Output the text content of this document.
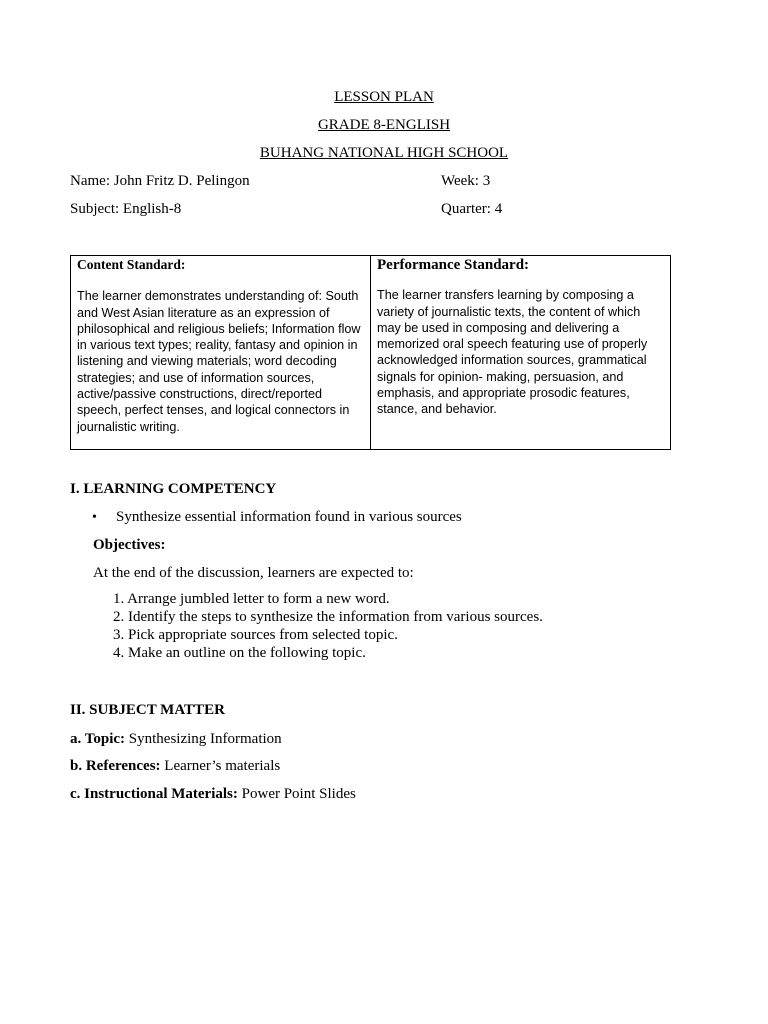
LESSON PLAN
GRADE 8-ENGLISH
BUHANG NATIONAL HIGH SCHOOL
Name: John Fritz D. Pelingon	Week: 3
Subject: English-8	Quarter: 4
Content Standard:
The learner demonstrates understanding of: South and West Asian literature as an expression of philosophical and religious beliefs; Information flow in various text types; reality, fantasy and opinion in listening and viewing materials; word decoding strategies; and use of information sources, active/passive constructions, direct/reported speech, perfect tenses, and logical connectors in journalistic writing.

Performance Standard:
The learner transfers learning by composing a variety of journalistic texts, the content of which may be used in composing and delivering a memorized oral speech featuring use of properly acknowledged information sources, grammatical signals for opinion- making, persuasion, and emphasis, and appropriate prosodic features, stance, and behavior.
I. LEARNING COMPETENCY
• Synthesize essential information found in various sources
Objectives:
At the end of the discussion, learners are expected to:
1. Arrange jumbled letter to form a new word.
2. Identify the steps to synthesize the information from various sources.
3. Pick appropriate sources from selected topic.
4. Make an outline on the following topic.
II. SUBJECT MATTER
a. Topic: Synthesizing Information
b. References: Learner’s materials
c. Instructional Materials: Power Point Slides
